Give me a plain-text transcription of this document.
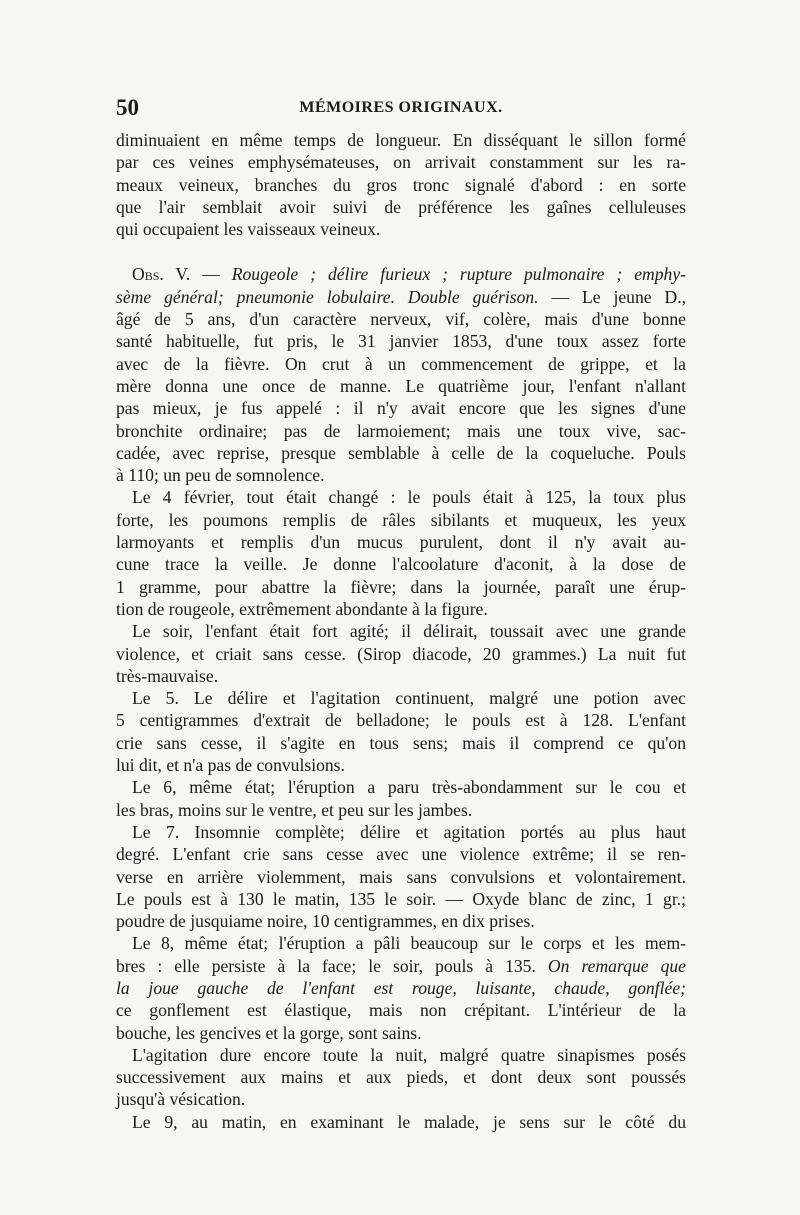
50	MÉMOIRES ORIGINAUX.
diminuaient en même temps de longueur. En disséquant le sillon formé
par ces veines emphysémateuses, on arrivait constamment sur les ra-
meaux veineux, branches du gros tronc signalé d'abord : en sorte
que l'air semblait avoir suivi de préférence les gaînes celluleuses
qui occupaient les vaisseaux veineux.
Obs. V. — Rougeole ; délire furieux ; rupture pulmonaire ; emphy-
sème général; pneumonie lobulaire. Double guérison. — Le jeune D.,
âgé de 5 ans, d'un caractère nerveux, vif, colère, mais d'une bonne
santé habituelle, fut pris, le 31 janvier 1853, d'une toux assez forte
avec de la fièvre. On crut à un commencement de grippe, et la
mère donna une once de manne. Le quatrième jour, l'enfant n'allant
pas mieux, je fus appelé : il n'y avait encore que les signes d'une
bronchite ordinaire; pas de larmoiement; mais une toux vive, sac-
cadée, avec reprise, presque semblable à celle de la coqueluche. Pouls
à 110; un peu de somnolence.
Le 4 février, tout était changé : le pouls était à 125, la toux plus
forte, les poumons remplis de râles sibilants et muqueux, les yeux
larmoyants et remplis d'un mucus purulent, dont il n'y avait au-
cune trace la veille. Je donne l'alcoolature d'aconit, à la dose de
1 gramme, pour abattre la fièvre; dans la journée, paraît une érup-
tion de rougeole, extrêmement abondante à la figure.
Le soir, l'enfant était fort agité; il délirait, toussait avec une grande
violence, et criait sans cesse. (Sirop diacode, 20 grammes.) La nuit fut
très-mauvaise.
Le 5. Le délire et l'agitation continuent, malgré une potion avec
5 centigrammes d'extrait de belladone; le pouls est à 128. L'enfant
crie sans cesse, il s'agite en tous sens; mais il comprend ce qu'on
lui dit, et n'a pas de convulsions.
Le 6, même état; l'éruption a paru très-abondamment sur le cou et
les bras, moins sur le ventre, et peu sur les jambes.
Le 7. Insomnie complète; délire et agitation portés au plus haut
degré. L'enfant crie sans cesse avec une violence extrême; il se ren-
verse en arrière violemment, mais sans convulsions et volontairement.
Le pouls est à 130 le matin, 135 le soir. — Oxyde blanc de zinc, 1 gr.;
poudre de jusquiame noire, 10 centigrammes, en dix prises.
Le 8, même état; l'éruption a pâli beaucoup sur le corps et les mem-
bres : elle persiste à la face; le soir, pouls à 135. On remarque que
la joue gauche de l'enfant est rouge, luisante, chaude, gonflée;
ce gonflement est élastique, mais non crépitant. L'intérieur de la
bouche, les gencives et la gorge, sont sains.
L'agitation dure encore toute la nuit, malgré quatre sinapismes posés
successivement aux mains et aux pieds, et dont deux sont poussés
jusqu'à vésication.
Le 9, au matin, en examinant le malade, je sens sur le côté du
